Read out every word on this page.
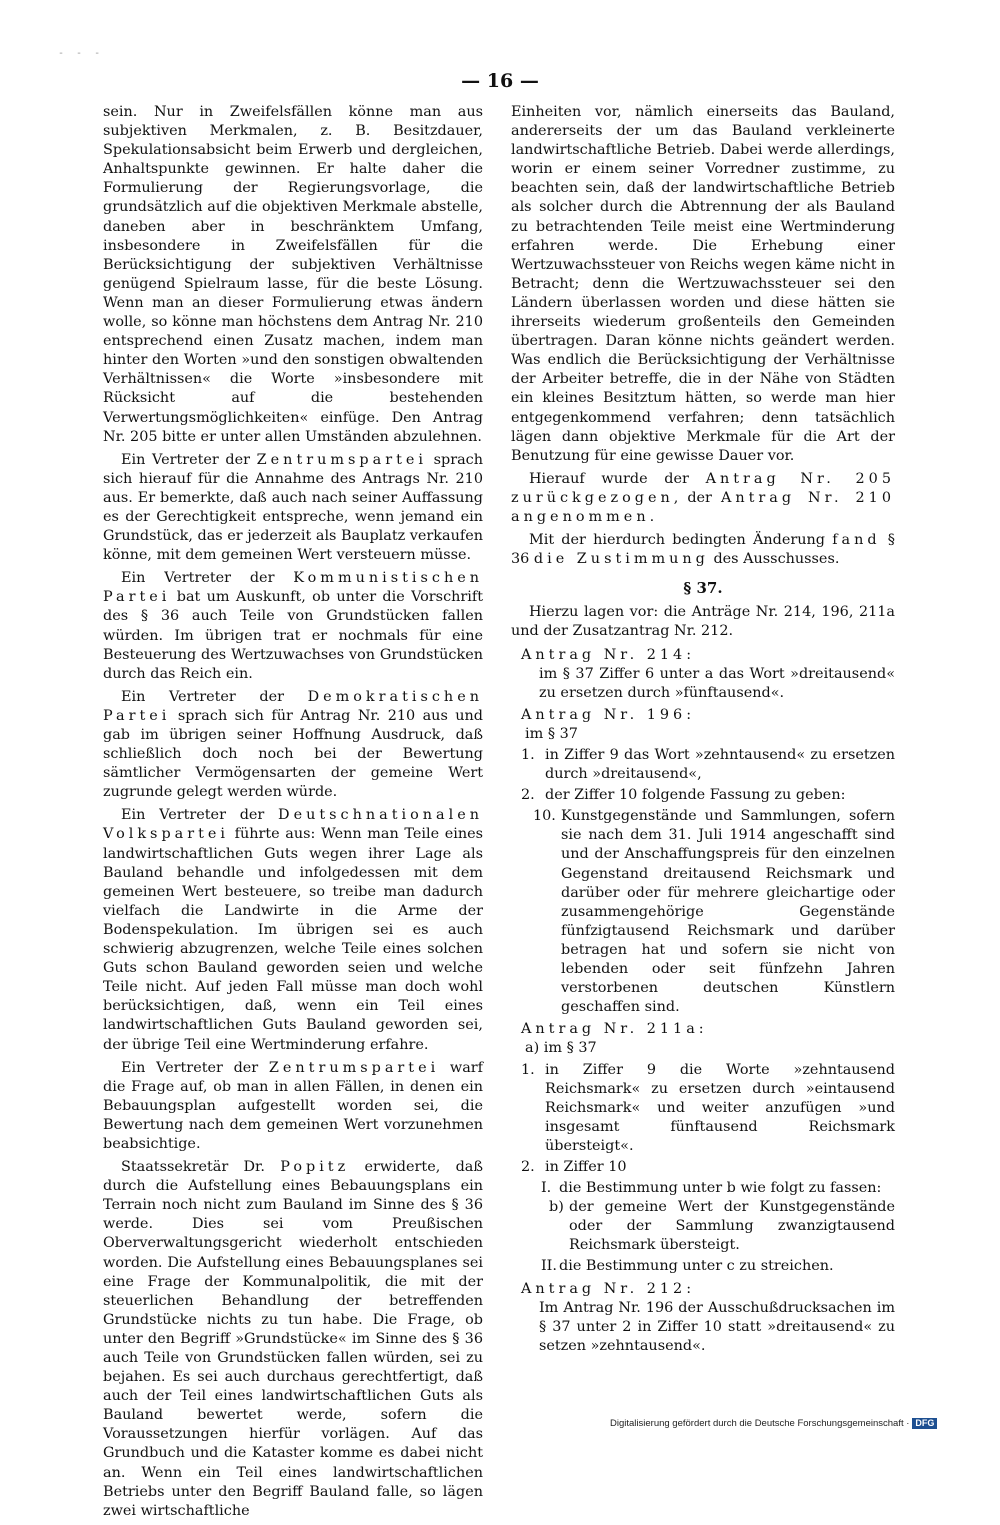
- - -
— 16 —

sein. Nur in Zweifelsfällen könne man aus subjektiven Merkmalen, z. B. Besitzdauer, Spekulationsabsicht beim Erwerb und dergleichen, Anhaltspunkte gewinnen. Er halte daher die Formulierung der Regierungsvorlage, die grundsätzlich auf die objektiven Merkmale abstelle, daneben aber in beschränktem Umfang, insbesondere in Zweifelsfällen für die Berücksichtigung der subjektiven Verhältnisse genügend Spielraum lasse, für die beste Lösung. Wenn man an dieser Formulierung etwas ändern wolle, so könne man höchstens dem Antrag Nr. 210 entsprechend einen Zusatz machen, indem man hinter den Worten »und den sonstigen obwaltenden Verhältnissen« die Worte »insbesondere mit Rücksicht auf die bestehenden Verwertungsmöglichkeiten« einfüge. Den Antrag Nr. 205 bitte er unter allen Umständen abzulehnen.

Ein Vertreter der Zentrumspartei sprach sich hierauf für die Annahme des Antrags Nr. 210 aus. Er bemerkte, daß auch nach seiner Auffassung es der Gerechtigkeit entspreche, wenn jemand ein Grundstück, das er jederzeit als Bauplatz verkaufen könne, mit dem gemeinen Wert versteuern müsse.

Ein Vertreter der Kommunistischen Partei bat um Auskunft, ob unter die Vorschrift des § 36 auch Teile von Grundstücken fallen würden. Im übrigen trat er nochmals für eine Besteuerung des Wertzuwachses von Grundstücken durch das Reich ein.

Ein Vertreter der Demokratischen Partei sprach sich für Antrag Nr. 210 aus und gab im übrigen seiner Hoffnung Ausdruck, daß schließlich doch noch bei der Bewertung sämtlicher Vermögensarten der gemeine Wert zugrunde gelegt werden würde.

Ein Vertreter der Deutschnationalen Volkspartei führte aus: Wenn man Teile eines landwirtschaftlichen Guts wegen ihrer Lage als Bauland behandle und infolgedessen mit dem gemeinen Wert besteuere, so treibe man dadurch vielfach die Landwirte in die Arme der Bodenspekulation. Im übrigen sei es auch schwierig abzugrenzen, welche Teile eines solchen Guts schon Bauland geworden seien und welche Teile nicht. Auf jeden Fall müsse man doch wohl berücksichtigen, daß, wenn ein Teil eines landwirtschaftlichen Guts Bauland geworden sei, der übrige Teil eine Wertminderung erfahre.

Ein Vertreter der Zentrumspartei warf die Frage auf, ob man in allen Fällen, in denen ein Bebauungsplan aufgestellt worden sei, die Bewertung nach dem gemeinen Wert vorzunehmen beabsichtige.

Staatssekretär Dr. Popitz erwiderte, daß durch die Aufstellung eines Bebauungsplans ein Terrain noch nicht zum Bauland im Sinne des § 36 werde. Dies sei vom Preußischen Oberverwaltungsgericht wiederholt entschieden worden. Die Aufstellung eines Bebauungsplanes sei eine Frage der Kommunalpolitik, die mit der steuerlichen Behandlung der betreffenden Grundstücke nichts zu tun habe. Die Frage, ob unter den Begriff »Grundstücke« im Sinne des § 36 auch Teile von Grundstücken fallen würden, sei zu bejahen. Es sei auch durchaus gerechtfertigt, daß auch der Teil eines landwirtschaftlichen Guts als Bauland bewertet werde, sofern die Voraussetzungen hierfür vorlägen. Auf das Grundbuch und die Kataster komme es dabei nicht an. Wenn ein Teil eines landwirtschaftlichen Betriebs unter den Begriff Bauland falle, so lägen zwei wirtschaftliche

Einheiten vor, nämlich einerseits das Bauland, andererseits der um das Bauland verkleinerte landwirtschaftliche Betrieb. Dabei werde allerdings, worin er einem seiner Vorredner zustimme, zu beachten sein, daß der landwirtschaftliche Betrieb als solcher durch die Abtrennung der als Bauland zu betrachtenden Teile meist eine Wertminderung erfahren werde. Die Erhebung einer Wertzuwachssteuer von Reichs wegen käme nicht in Betracht; denn die Wertzuwachssteuer sei den Ländern überlassen worden und diese hätten sie ihrerseits wiederum großenteils den Gemeinden übertragen. Daran könne nichts geändert werden. Was endlich die Berücksichtigung der Verhältnisse der Arbeiter betreffe, die in der Nähe von Städten ein kleines Besitztum hätten, so werde man hier entgegenkommend verfahren; denn tatsächlich lägen dann objektive Merkmale für die Art der Benutzung für eine gewisse Dauer vor.

Hierauf wurde der Antrag Nr. 205 zurückgezogen, der Antrag Nr. 210 angenommen.

Mit der hierdurch bedingten Änderung fand § 36 die Zustimmung des Ausschusses.

§ 37.

Hierzu lagen vor: die Anträge Nr. 214, 196, 211a und der Zusatzantrag Nr. 212.

Antrag Nr. 214:
im § 37 Ziffer 6 unter a das Wort »dreitausend« zu ersetzen durch »fünftausend«.
Antrag Nr. 196:
im § 37
1. in Ziffer 9 das Wort »zehntausend« zu ersetzen durch »dreitausend«,
2. der Ziffer 10 folgende Fassung zu geben:
10. Kunstgegenstände und Sammlungen, sofern sie nach dem 31. Juli 1914 angeschafft sind und der Anschaffungspreis für den einzelnen Gegenstand dreitausend Reichsmark und darüber oder für mehrere gleichartige oder zusammengehörige Gegenstände fünfzigtausend Reichsmark und darüber betragen hat und sofern sie nicht von lebenden oder seit fünfzehn Jahren verstorbenen deutschen Künstlern geschaffen sind.
Antrag Nr. 211a:
a) im § 37
1. in Ziffer 9 die Worte »zehntausend Reichsmark« zu ersetzen durch »eintausend Reichsmark« und weiter anzufügen »und insgesamt fünftausend Reichsmark übersteigt«.
2. in Ziffer 10
I. die Bestimmung unter b wie folgt zu fassen:
b) der gemeine Wert der Kunstgegenstände oder der Sammlung zwanzigtausend Reichsmark übersteigt.
II. die Bestimmung unter c zu streichen.
Antrag Nr. 212:
Im Antrag Nr. 196 der Ausschußdrucksachen im § 37 unter 2 in Ziffer 10 statt »dreitausend« zu setzen »zehntausend«.
Digitalisierung gefördert durch die Deutsche Forschungsgemeinschaft · DFG
